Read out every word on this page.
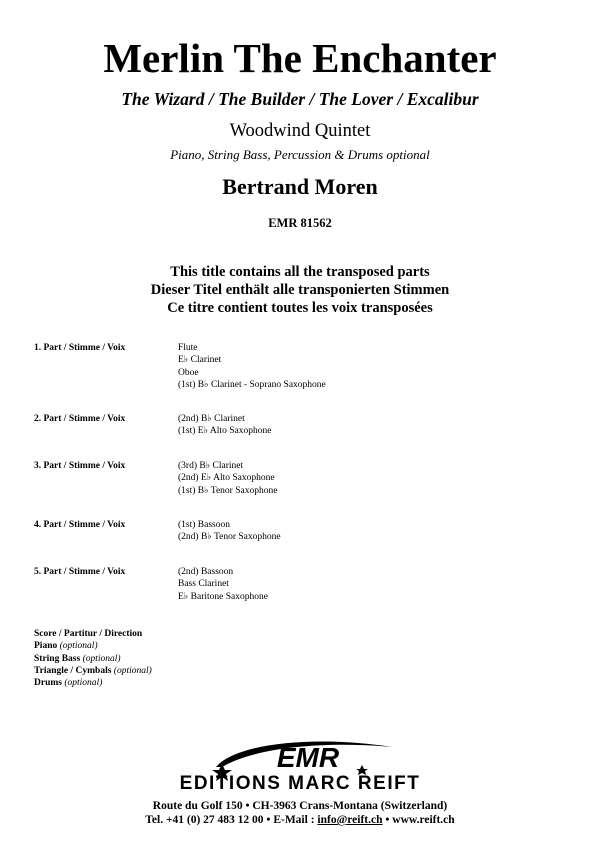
Merlin The Enchanter
The Wizard / The Builder / The Lover / Excalibur
Woodwind Quintet
Piano, String Bass, Percussion & Drums optional
Bertrand Moren
EMR 81562
This title contains all the transposed parts
Dieser Titel enthält alle transponierten Stimmen
Ce titre contient toutes les voix transposées
1. Part / Stimme / Voix	Flute
E♭ Clarinet
Oboe
(1st) B♭ Clarinet - Soprano Saxophone
2. Part / Stimme / Voix	(2nd) B♭ Clarinet
(1st) E♭ Alto Saxophone
3. Part / Stimme / Voix	(3rd) B♭ Clarinet
(2nd) E♭ Alto Saxophone
(1st) B♭ Tenor Saxophone
4. Part / Stimme / Voix	(1st) Bassoon
(2nd) B♭ Tenor Saxophone
5. Part / Stimme / Voix	(2nd) Bassoon
Bass Clarinet
E♭ Baritone Saxophone
Score / Partitur / Direction
Piano (optional)
String Bass (optional)
Triangle / Cymbals (optional)
Drums (optional)
EMR
EDITIONS MARC REIFT
Route du Golf 150 • CH-3963 Crans-Montana (Switzerland)
Tel. +41 (0) 27 483 12 00 • E-Mail : info@reift.ch • www.reift.ch
